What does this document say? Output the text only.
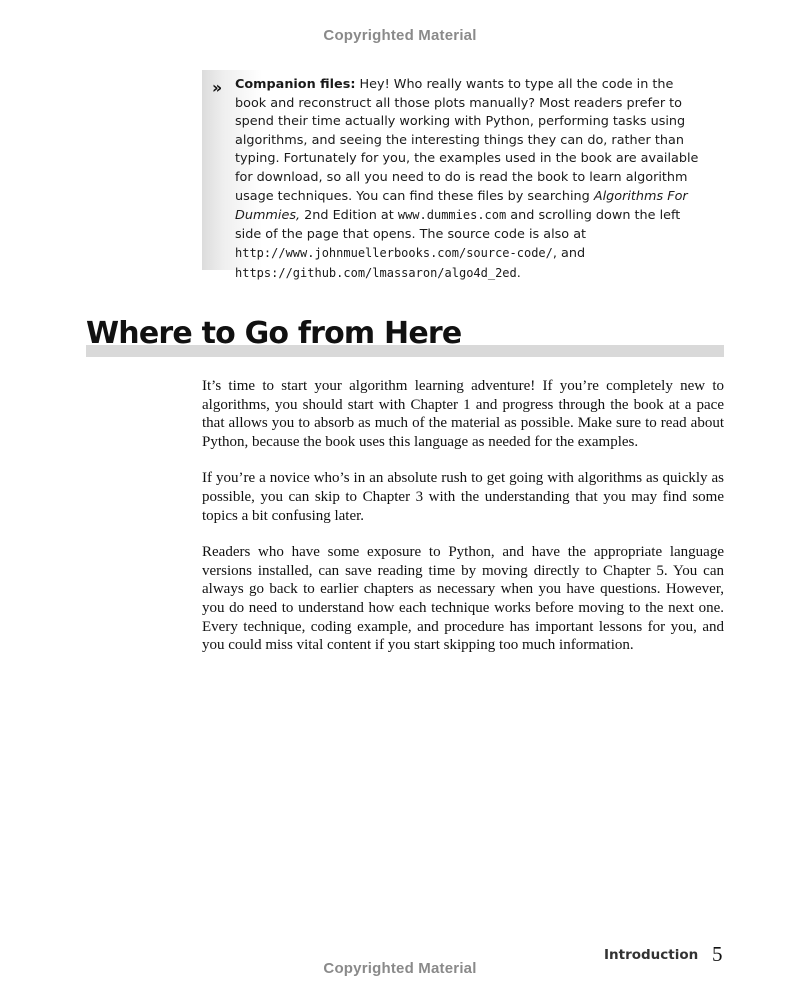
Copyrighted Material
›› Companion files: Hey! Who really wants to type all the code in the book and reconstruct all those plots manually? Most readers prefer to spend their time actually working with Python, performing tasks using algorithms, and seeing the interesting things they can do, rather than typing. Fortunately for you, the examples used in the book are available for download, so all you need to do is read the book to learn algorithm usage techniques. You can find these files by searching Algorithms For Dummies, 2nd Edition at www.dummies.com and scrolling down the left side of the page that opens. The source code is also at http://www.johnmuellerbooks.com/source-code/, and https://github.com/lmassaron/algo4d_2ed.
Where to Go from Here

It’s time to start your algorithm learning adventure! If you’re completely new to algorithms, you should start with Chapter 1 and progress through the book at a pace that allows you to absorb as much of the material as possible. Make sure to read about Python, because the book uses this language as needed for the examples.

If you’re a novice who’s in an absolute rush to get going with algorithms as quickly as possible, you can skip to Chapter 3 with the understanding that you may find some topics a bit confusing later.

Readers who have some exposure to Python, and have the appropriate language versions installed, can save reading time by moving directly to Chapter 5. You can always go back to earlier chapters as necessary when you have questions. However, you do need to understand how each technique works before moving to the next one. Every technique, coding example, and procedure has important lessons for you, and you could miss vital content if you start skipping too much information.

Introduction 5
Copyrighted Material
